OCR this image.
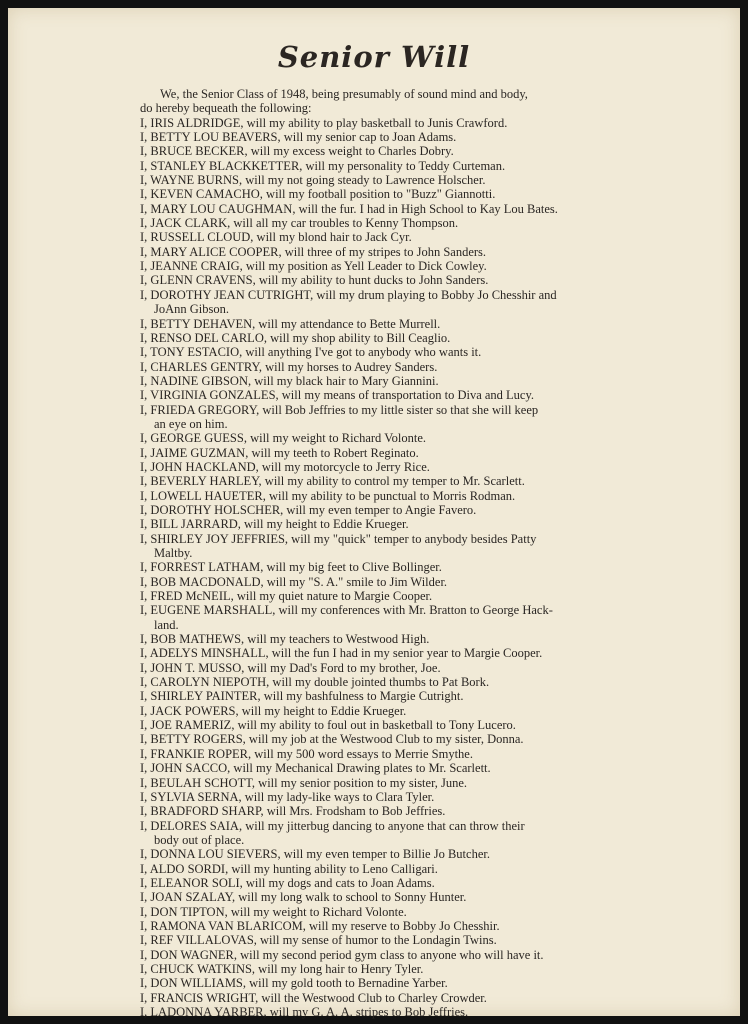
Senior Will
We, the Senior Class of 1948, being presumably of sound mind and body,
do hereby bequeath the following:
I, IRIS ALDRIDGE, will my ability to play basketball to Junis Crawford.
I, BETTY LOU BEAVERS, will my senior cap to Joan Adams.
I, BRUCE BECKER, will my excess weight to Charles Dobry.
I, STANLEY BLACKKETTER, will my personality to Teddy Curteman.
I, WAYNE BURNS, will my not going steady to Lawrence Holscher.
I, KEVEN CAMACHO, will my football position to "Buzz" Giannotti.
I, MARY LOU CAUGHMAN, will the fur. I had in High School to Kay Lou Bates.
I, JACK CLARK, will all my car troubles to Kenny Thompson.
I, RUSSELL CLOUD, will my blond hair to Jack Cyr.
I, MARY ALICE COOPER, will three of my stripes to John Sanders.
I, JEANNE CRAIG, will my position as Yell Leader to Dick Cowley.
I, GLENN CRAVENS, will my ability to hunt ducks to John Sanders.
I, DOROTHY JEAN CUTRIGHT, will my drum playing to Bobby Jo Chesshir and
JoAnn Gibson.
I, BETTY DEHAVEN, will my attendance to Bette Murrell.
I, RENSO DEL CARLO, will my shop ability to Bill Ceaglio.
I, TONY ESTACIO, will anything I've got to anybody who wants it.
I, CHARLES GENTRY, will my horses to Audrey Sanders.
I, NADINE GIBSON, will my black hair to Mary Giannini.
I, VIRGINIA GONZALES, will my means of transportation to Diva and Lucy.
I, FRIEDA GREGORY, will Bob Jeffries to my little sister so that she will keep
an eye on him.
I, GEORGE GUESS, will my weight to Richard Volonte.
I, JAIME GUZMAN, will my teeth to Robert Reginato.
I, JOHN HACKLAND, will my motorcycle to Jerry Rice.
I, BEVERLY HARLEY, will my ability to control my temper to Mr. Scarlett.
I, LOWELL HAUETER, will my ability to be punctual to Morris Rodman.
I, DOROTHY HOLSCHER, will my even temper to Angie Favero.
I, BILL JARRARD, will my height to Eddie Krueger.
I, SHIRLEY JOY JEFFRIES, will my "quick" temper to anybody besides Patty
Maltby.
I, FORREST LATHAM, will my big feet to Clive Bollinger.
I, BOB MACDONALD, will my "S. A." smile to Jim Wilder.
I, FRED McNEIL, will my quiet nature to Margie Cooper.
I, EUGENE MARSHALL, will my conferences with Mr. Bratton to George Hack-
land.
I, BOB MATHEWS, will my teachers to Westwood High.
I, ADELYS MINSHALL, will the fun I had in my senior year to Margie Cooper.
I, JOHN T. MUSSO, will my Dad's Ford to my brother, Joe.
I, CAROLYN NIEPOTH, will my double jointed thumbs to Pat Bork.
I, SHIRLEY PAINTER, will my bashfulness to Margie Cutright.
I, JACK POWERS, will my height to Eddie Krueger.
I, JOE RAMERIZ, will my ability to foul out in basketball to Tony Lucero.
I, BETTY ROGERS, will my job at the Westwood Club to my sister, Donna.
I, FRANKIE ROPER, will my 500 word essays to Merrie Smythe.
I, JOHN SACCO, will my Mechanical Drawing plates to Mr. Scarlett.
I, BEULAH SCHOTT, will my senior position to my sister, June.
I, SYLVIA SERNA, will my lady-like ways to Clara Tyler.
I, BRADFORD SHARP, will Mrs. Frodsham to Bob Jeffries.
I, DELORES SAIA, will my jitterbug dancing to anyone that can throw their
body out of place.
I, DONNA LOU SIEVERS, will my even temper to Billie Jo Butcher.
I, ALDO SORDI, will my hunting ability to Leno Calligari.
I, ELEANOR SOLI, will my dogs and cats to Joan Adams.
I, JOAN SZALAY, will my long walk to school to Sonny Hunter.
I, DON TIPTON, will my weight to Richard Volonte.
I, RAMONA VAN BLARICOM, will my reserve to Bobby Jo Chesshir.
I, REF VILLALOVAS, will my sense of humor to the Londagin Twins.
I, DON WAGNER, will my second period gym class to anyone who will have it.
I, CHUCK WATKINS, will my long hair to Henry Tyler.
I, DON WILLIAMS, will my gold tooth to Bernadine Yarber.
I, FRANCIS WRIGHT, will the Westwood Club to Charley Crowder.
I, LADONNA YARBER, will my G. A. A. stripes to Bob Jeffries.
